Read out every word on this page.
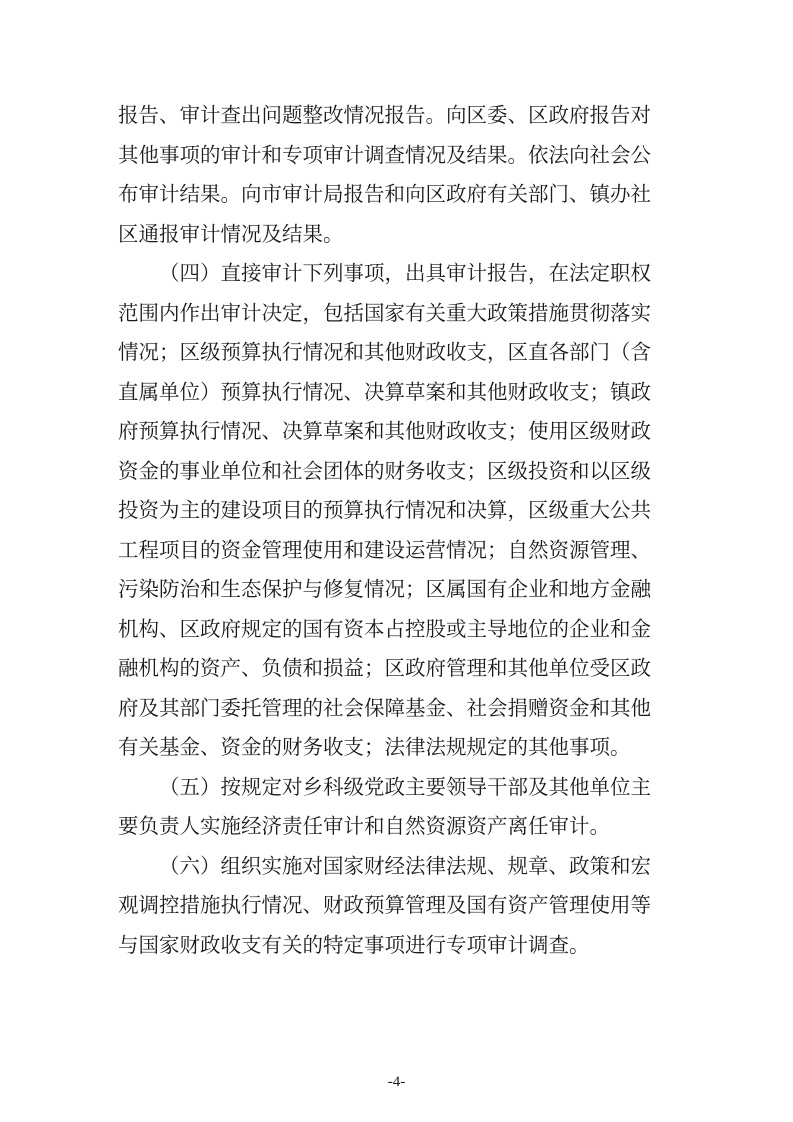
报告、审计查出问题整改情况报告。向区委、区政府报告对
其他事项的审计和专项审计调查情况及结果。依法向社会公
布审计结果。向市审计局报告和向区政府有关部门、镇办社
区通报审计情况及结果。
（四）直接审计下列事项，出具审计报告，在法定职权
范围内作出审计决定，包括国家有关重大政策措施贯彻落实
情况；区级预算执行情况和其他财政收支，区直各部门（含
直属单位）预算执行情况、决算草案和其他财政收支；镇政
府预算执行情况、决算草案和其他财政收支；使用区级财政
资金的事业单位和社会团体的财务收支；区级投资和以区级
投资为主的建设项目的预算执行情况和决算，区级重大公共
工程项目的资金管理使用和建设运营情况；自然资源管理、
污染防治和生态保护与修复情况；区属国有企业和地方金融
机构、区政府规定的国有资本占控股或主导地位的企业和金
融机构的资产、负债和损益；区政府管理和其他单位受区政
府及其部门委托管理的社会保障基金、社会捐赠资金和其他
有关基金、资金的财务收支；法律法规规定的其他事项。
（五）按规定对乡科级党政主要领导干部及其他单位主
要负责人实施经济责任审计和自然资源资产离任审计。
（六）组织实施对国家财经法律法规、规章、政策和宏
观调控措施执行情况、财政预算管理及国有资产管理使用等
与国家财政收支有关的特定事项进行专项审计调查。
-4-
